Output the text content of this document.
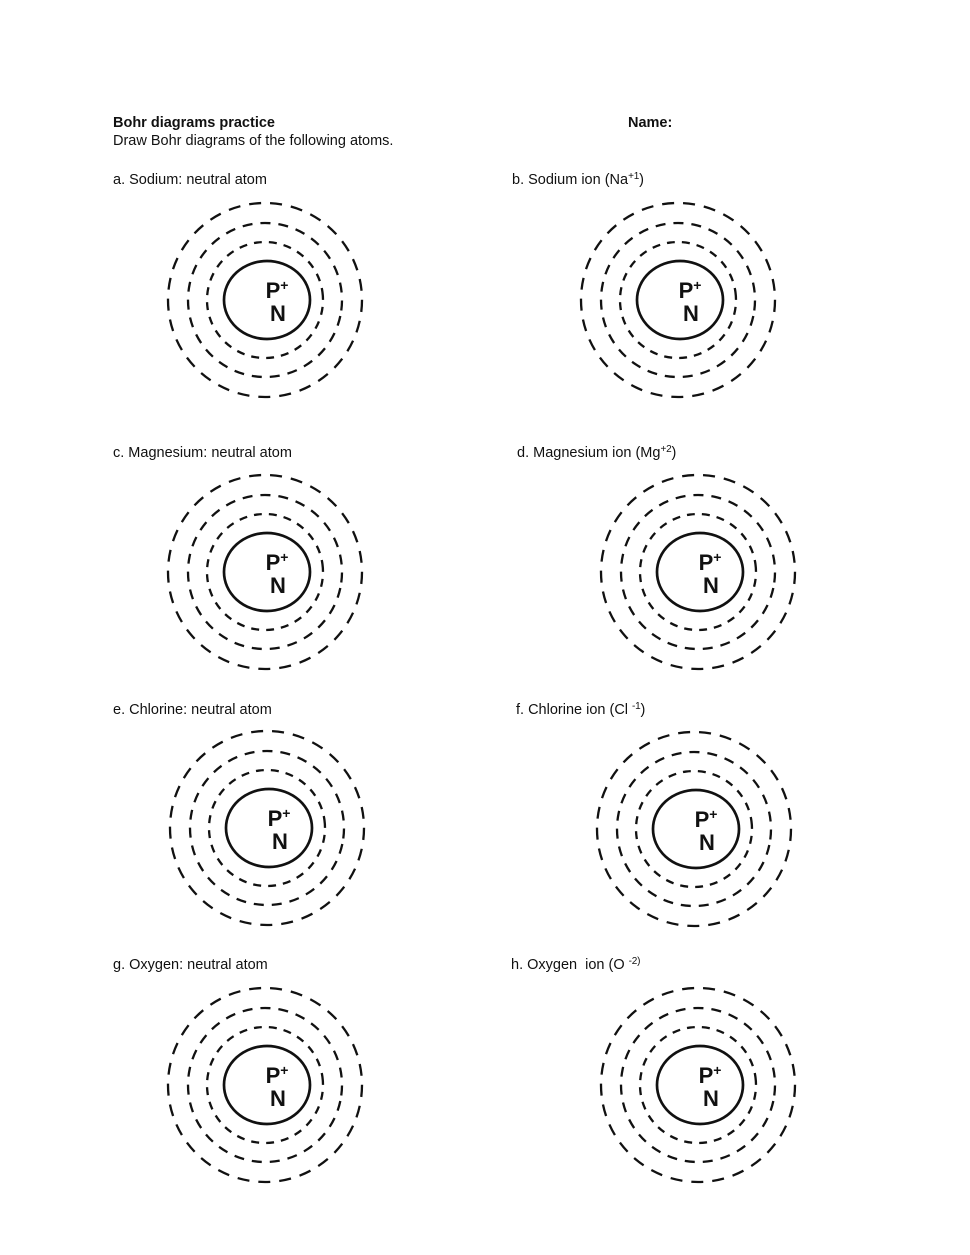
Bohr diagrams practice
Draw Bohr diagrams of the following atoms.
Name:
a. Sodium: neutral atom	b. Sodium ion $(Na^{+1})$
c. Magnesium: neutral atom	d. Magnesium ion $(Mg^{+2})$
e. Chlorine: neutral atom	f. Chlorine ion (Cl $^{-1}$)
g. Oxygen: neutral atom	h. Oxygen  ion (O $^{-2)}$
